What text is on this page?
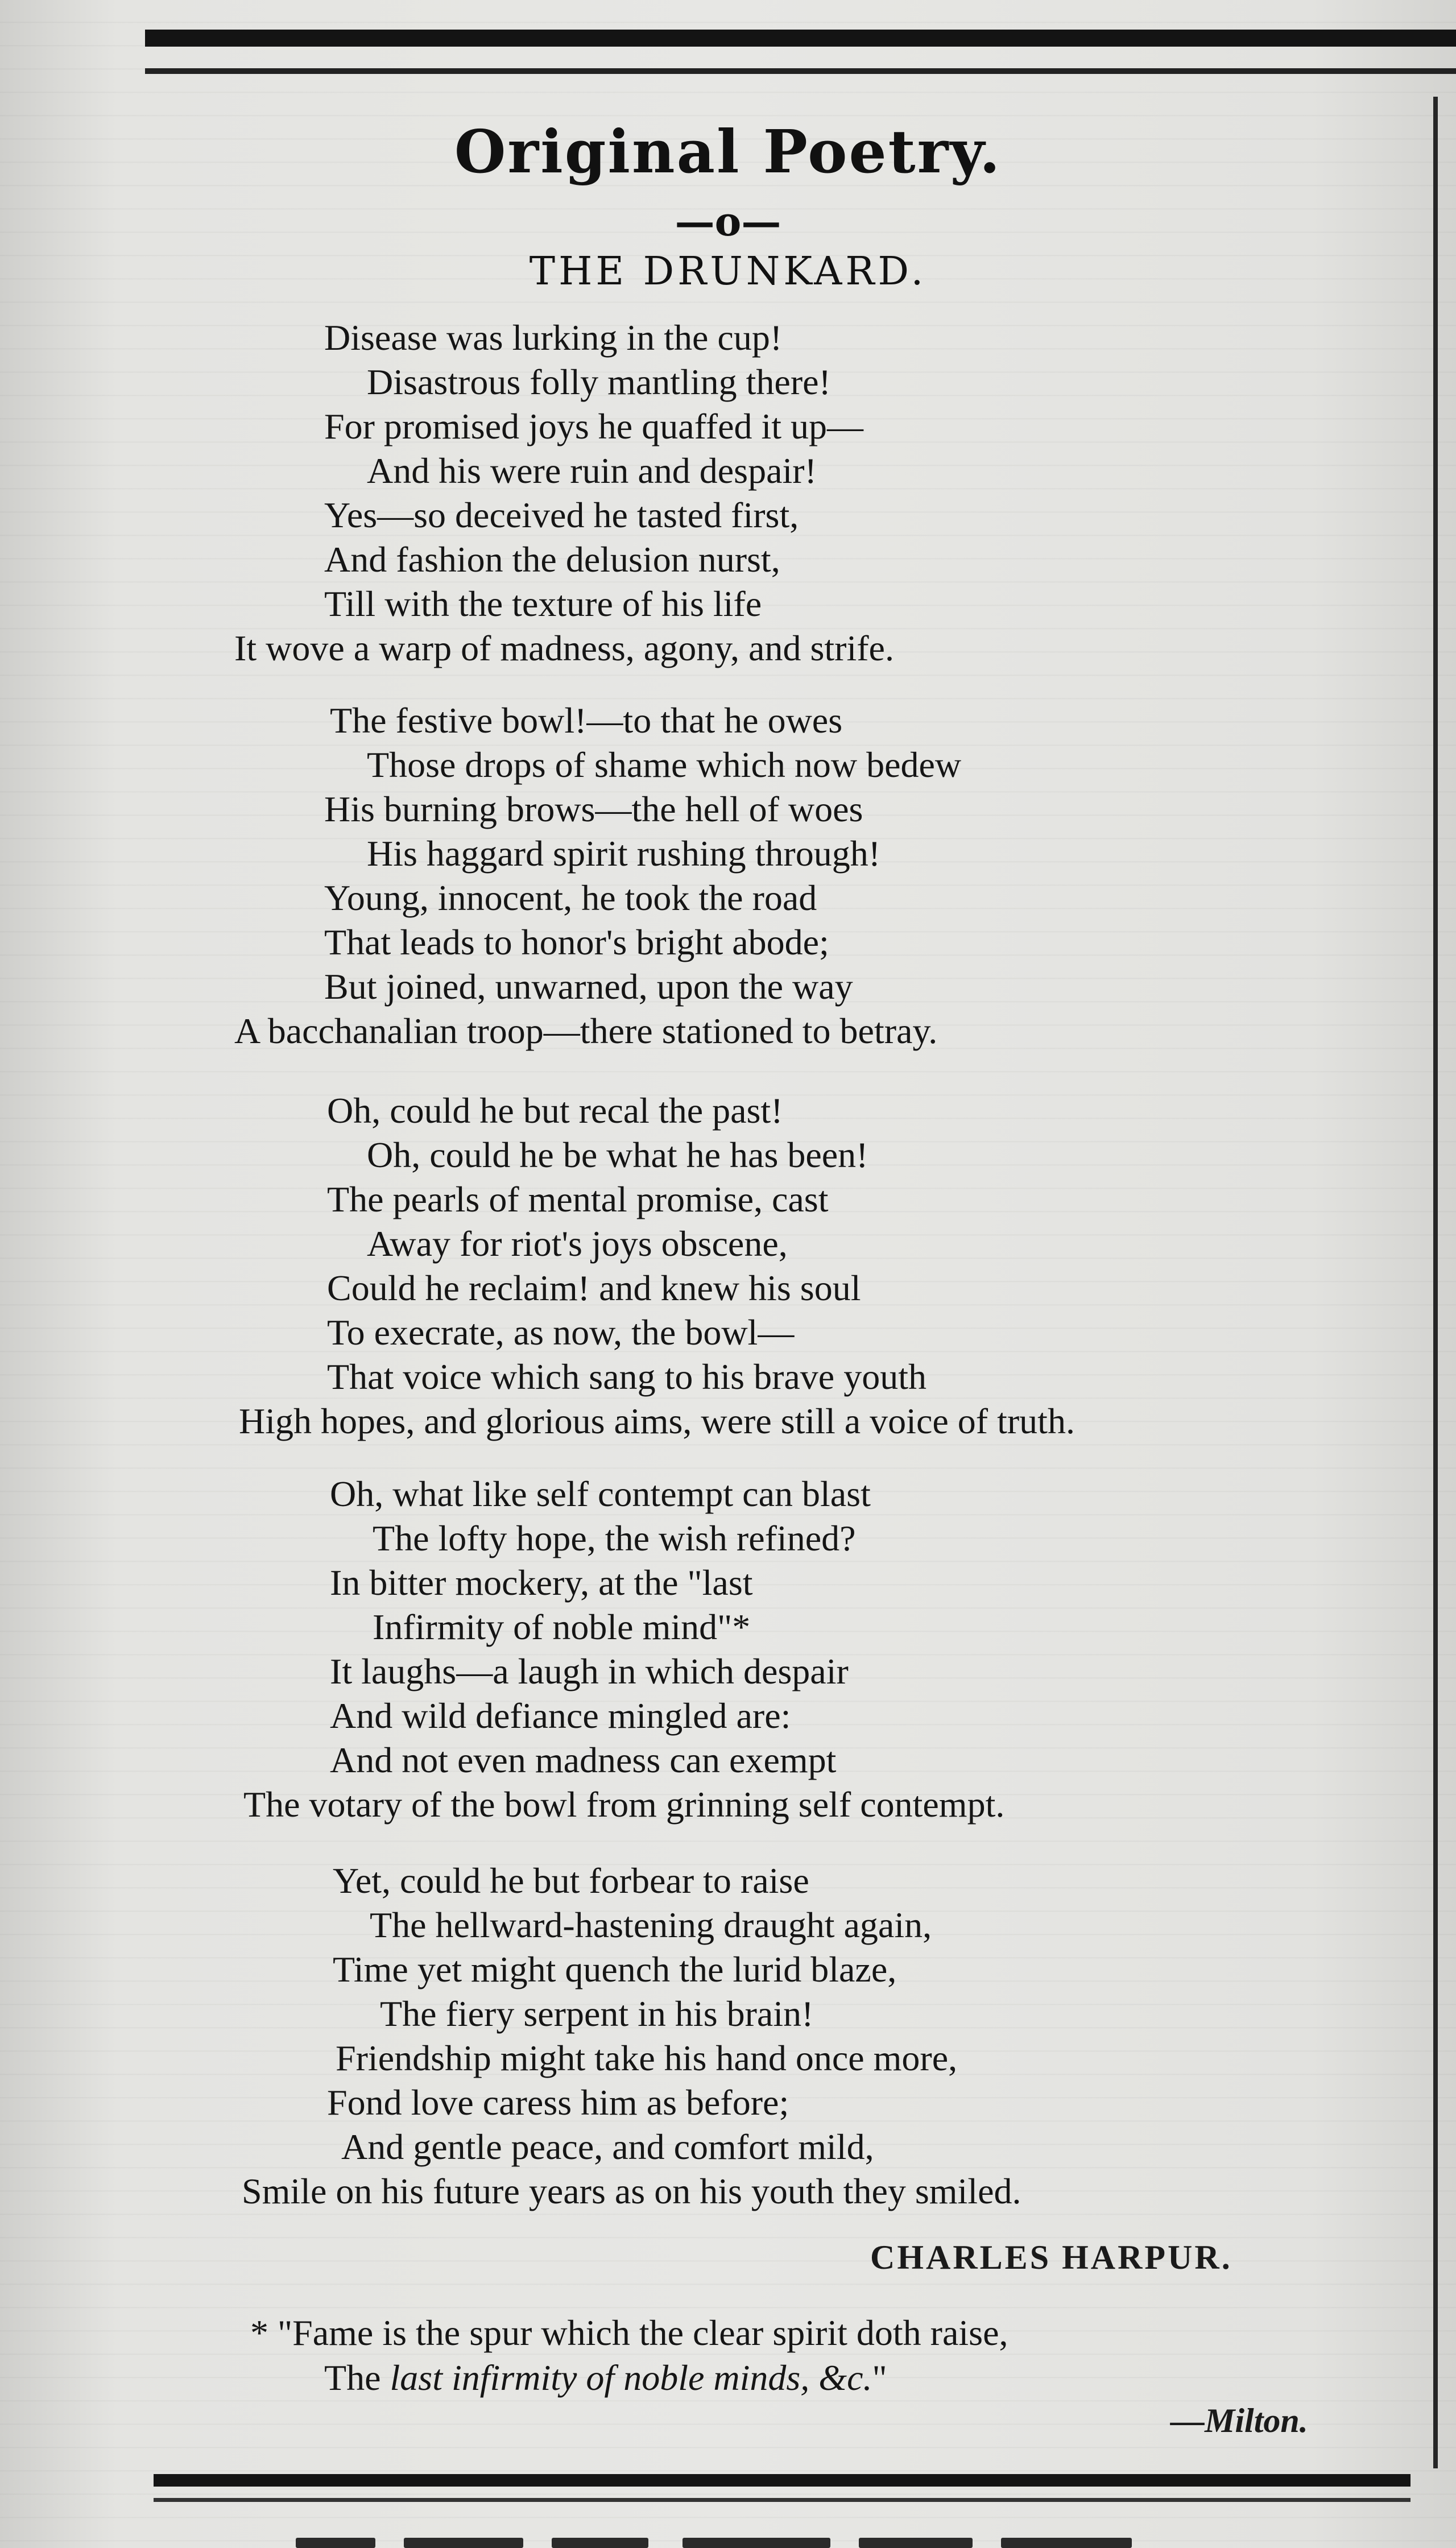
Original Poetry.
—o—
THE DRUNKARD.
Disease was lurking in the cup!
Disastrous folly mantling there!
For promised joys he quaffed it up—
And his were ruin and despair!
Yes—so deceived he tasted first,
And fashion the delusion nurst,
Till with the texture of his life
It wove a warp of madness, agony, and strife.
The festive bowl!—to that he owes
Those drops of shame which now bedew
His burning brows—the hell of woes
His haggard spirit rushing through!
Young, innocent, he took the road
That leads to honor's bright abode;
But joined, unwarned, upon the way
A bacchanalian troop—there stationed to betray.
Oh, could he but recal the past!
Oh, could he be what he has been!
The pearls of mental promise, cast
Away for riot's joys obscene,
Could he reclaim! and knew his soul
To execrate, as now, the bowl—
That voice which sang to his brave youth
High hopes, and glorious aims, were still a voice of truth.
Oh, what like self contempt can blast
The lofty hope, the wish refined?
In bitter mockery, at the "last
Infirmity of noble mind"*
It laughs—a laugh in which despair
And wild defiance mingled are:
And not even madness can exempt
The votary of the bowl from grinning self contempt.
Yet, could he but forbear to raise
The hellward-hastening draught again,
Time yet might quench the lurid blaze,
The fiery serpent in his brain!
Friendship might take his hand once more,
Fond love caress him as before;
And gentle peace, and comfort mild,
Smile on his future years as on his youth they smiled.
CHARLES HARPUR.
* "Fame is the spur which the clear spirit doth raise,
The last infirmity of noble minds, &c."
—Milton.
